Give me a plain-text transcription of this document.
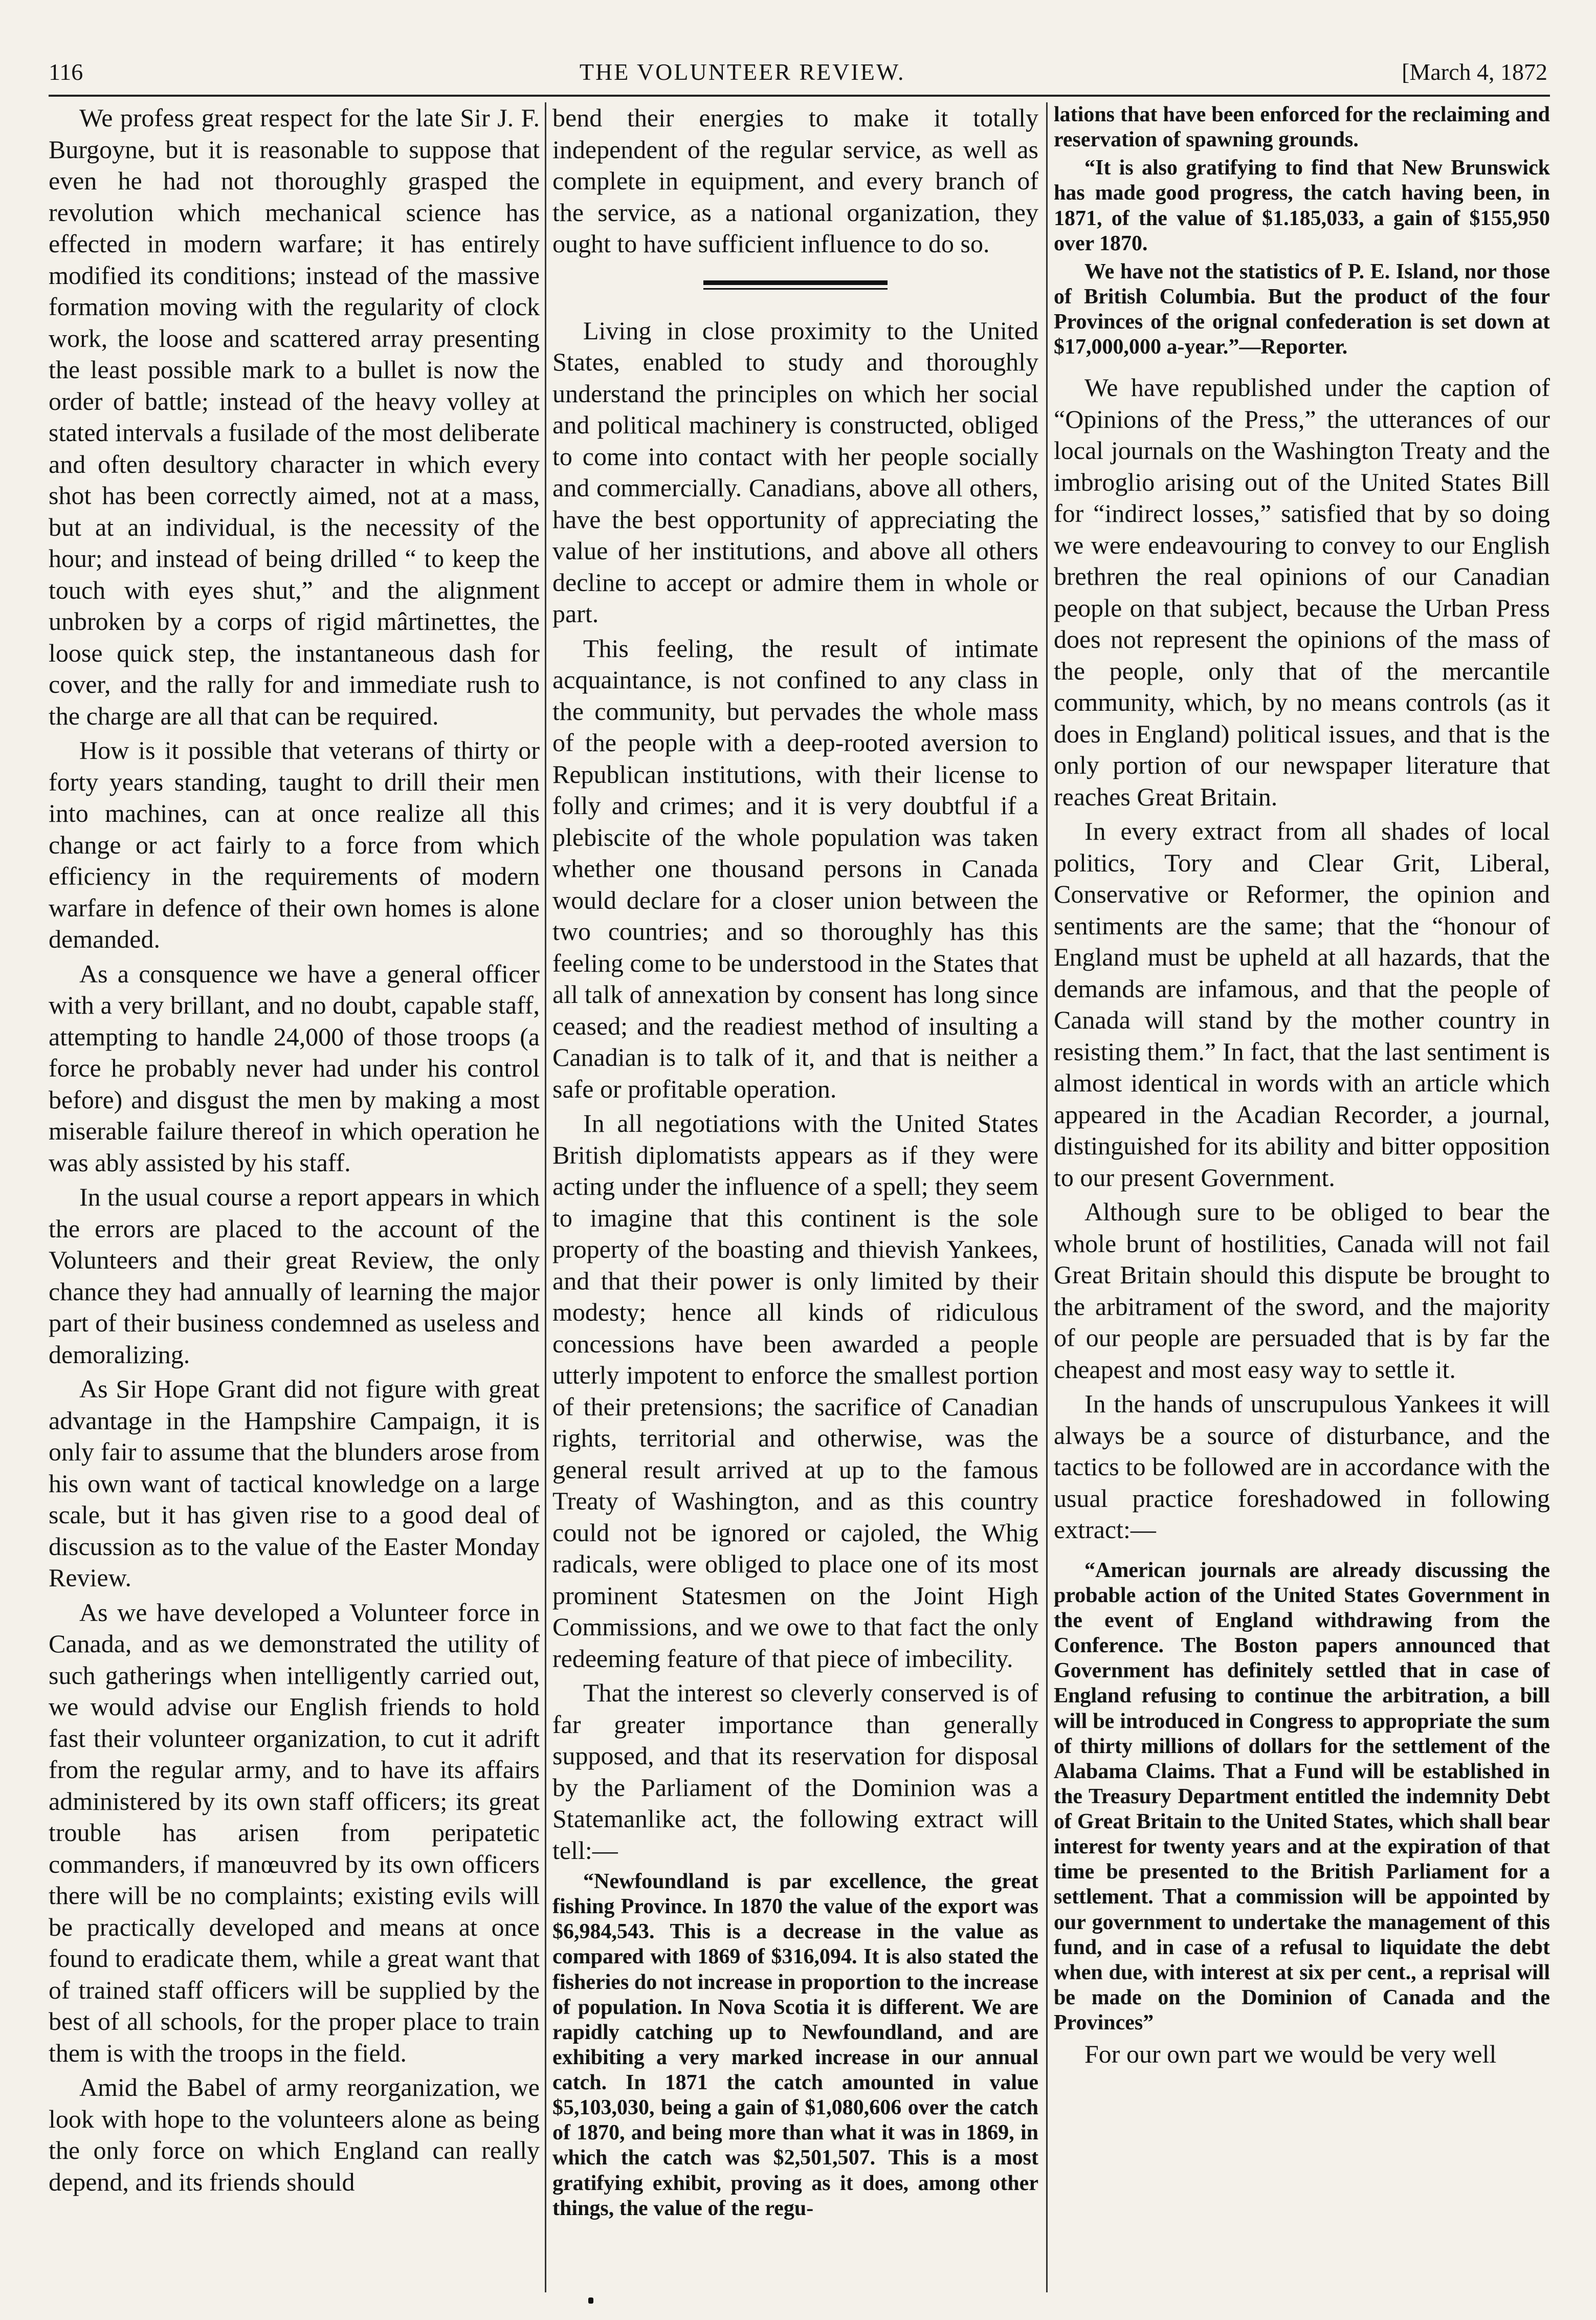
116	THE VOLUNTEER REVIEW.	[March 4, 1872

We profess great respect for the late Sir J. F. Burgoyne, but it is reasonable to suppose that even he had not thoroughly grasped the revolution which mechanical science has effected in modern warfare; it has entirely modified its conditions; instead of the massive formation moving with the regularity of clock work, the loose and scattered array presenting the least possible mark to a bullet is now the order of battle; instead of the heavy volley at stated intervals a fusilade of the most deliberate and often desultory character in which every shot has been correctly aimed, not at a mass, but at an individual, is the necessity of the hour; and instead of being drilled “ to keep the touch with eyes shut,” and the alignment unbroken by a corps of rigid mârtinettes, the loose quick step, the instantaneous dash for cover, and the rally for and immediate rush to the charge are all that can be required.

How is it possible that veterans of thirty or forty years standing, taught to drill their men into machines, can at once realize all this change or act fairly to a force from which efficiency in the requirements of modern warfare in defence of their own homes is alone demanded.

As a consquence we have a general officer with a very brillant, and no doubt, capable staff, attempting to handle 24,000 of those troops (a force he probably never had under his control before) and disgust the men by making a most miserable failure thereof in which operation he was ably assisted by his staff.

In the usual course a report appears in which the errors are placed to the account of the Volunteers and their great Review, the only chance they had annually of learning the major part of their business condemned as useless and demoralizing.

As Sir Hope Grant did not figure with great advantage in the Hampshire Campaign, it is only fair to assume that the blunders arose from his own want of tactical knowledge on a large scale, but it has given rise to a good deal of discussion as to the value of the Easter Monday Review.

As we have developed a Volunteer force in Canada, and as we demonstrated the utility of such gatherings when intelligently carried out, we would advise our English friends to hold fast their volunteer organization, to cut it adrift from the regular army, and to have its affairs administered by its own staff officers; its great trouble has arisen from peripatetic commanders, if manœuvred by its own officers there will be no complaints; existing evils will be practically developed and means at once found to eradicate them, while a great want that of trained staff officers will be supplied by the best of all schools, for the proper place to train them is with the troops in the field.

Amid the Babel of army reorganization, we look with hope to the volunteers alone as being the only force on which England can really depend, and its friends should

bend their energies to make it totally independent of the regular service, as well as complete in equipment, and every branch of the service, as a national organization, they ought to have sufficient influence to do so.

Living in close proximity to the United States, enabled to study and thoroughly understand the principles on which her social and political machinery is constructed, obliged to come into contact with her people socially and commercially. Canadians, above all others, have the best opportunity of appreciating the value of her institutions, and above all others decline to accept or admire them in whole or part.

This feeling, the result of intimate acquaintance, is not confined to any class in the community, but pervades the whole mass of the people with a deep-rooted aversion to Republican institutions, with their license to folly and crimes; and it is very doubtful if a plebiscite of the whole population was taken whether one thousand persons in Canada would declare for a closer union between the two countries; and so thoroughly has this feeling come to be understood in the States that all talk of annexation by consent has long since ceased; and the readiest method of insulting a Canadian is to talk of it, and that is neither a safe or profitable operation.

In all negotiations with the United States British diplomatists appears as if they were acting under the influence of a spell; they seem to imagine that this continent is the sole property of the boasting and thievish Yankees, and that their power is only limited by their modesty; hence all kinds of ridiculous concessions have been awarded a people utterly impotent to enforce the smallest portion of their pretensions; the sacrifice of Canadian rights, territorial and otherwise, was the general result arrived at up to the famous Treaty of Washington, and as this country could not be ignored or cajoled, the Whig radicals, were obliged to place one of its most prominent Statesmen on the Joint High Commissions, and we owe to that fact the only redeeming feature of that piece of imbecility.

That the interest so cleverly conserved is of far greater importance than generally supposed, and that its reservation for disposal by the Parliament of the Dominion was a Statemanlike act, the following extract will tell:—

“Newfoundland is par excellence, the great fishing Province. In 1870 the value of the export was $6,984,543. This is a decrease in the value as compared with 1869 of $316,094. It is also stated the fisheries do not increase in proportion to the increase of population. In Nova Scotia it is different. We are rapidly catching up to Newfoundland, and are exhibiting a very marked increase in our annual catch. In 1871 the catch amounted in value $5,103,030, being a gain of $1,080,606 over the catch of 1870, and being more than what it was in 1869, in which the catch was $2,501,507. This is a most gratifying exhibit, proving as it does, among other things, the value of the regu-

lations that have been enforced for the reclaiming and reservation of spawning grounds.

“It is also gratifying to find that New Brunswick has made good progress, the catch having been, in 1871, of the value of $1.185,033, a gain of $155,950 over 1870.

We have not the statistics of P. E. Island, nor those of British Columbia. But the product of the four Provinces of the orignal confederation is set down at $17,000,000 a-year.”—Reporter.

We have republished under the caption of “Opinions of the Press,” the utterances of our local journals on the Washington Treaty and the imbroglio arising out of the United States Bill for “indirect losses,” satisfied that by so doing we were endeavouring to convey to our English brethren the real opinions of our Canadian people on that subject, because the Urban Press does not represent the opinions of the mass of the people, only that of the mercantile community, which, by no means controls (as it does in England) political issues, and that is the only portion of our newspaper literature that reaches Great Britain.

In every extract from all shades of local politics, Tory and Clear Grit, Liberal, Conservative or Reformer, the opinion and sentiments are the same; that the “honour of England must be upheld at all hazards, that the demands are infamous, and that the people of Canada will stand by the mother country in resisting them.” In fact, that the last sentiment is almost identical in words with an article which appeared in the Acadian Recorder, a journal, distinguished for its ability and bitter opposition to our present Government.

Although sure to be obliged to bear the whole brunt of hostilities, Canada will not fail Great Britain should this dispute be brought to the arbitrament of the sword, and the majority of our people are persuaded that is by far the cheapest and most easy way to settle it.

In the hands of unscrupulous Yankees it will always be a source of disturbance, and the tactics to be followed are in accordance with the usual practice foreshadowed in following extract:—

“American journals are already discussing the probable action of the United States Government in the event of England withdrawing from the Conference. The Boston papers announced that Government has definitely settled that in case of England refusing to continue the arbitration, a bill will be introduced in Congress to appropriate the sum of thirty millions of dollars for the settlement of the Alabama Claims. That a Fund will be established in the Treasury Department entitled the indemnity Debt of Great Britain to the United States, which shall bear interest for twenty years and at the expiration of that time be presented to the British Parliament for a settlement. That a commission will be appointed by our government to undertake the management of this fund, and in case of a refusal to liquidate the debt when due, with interest at six per cent., a reprisal will be made on the Dominion of Canada and the Provinces”

For our own part we would be very well
